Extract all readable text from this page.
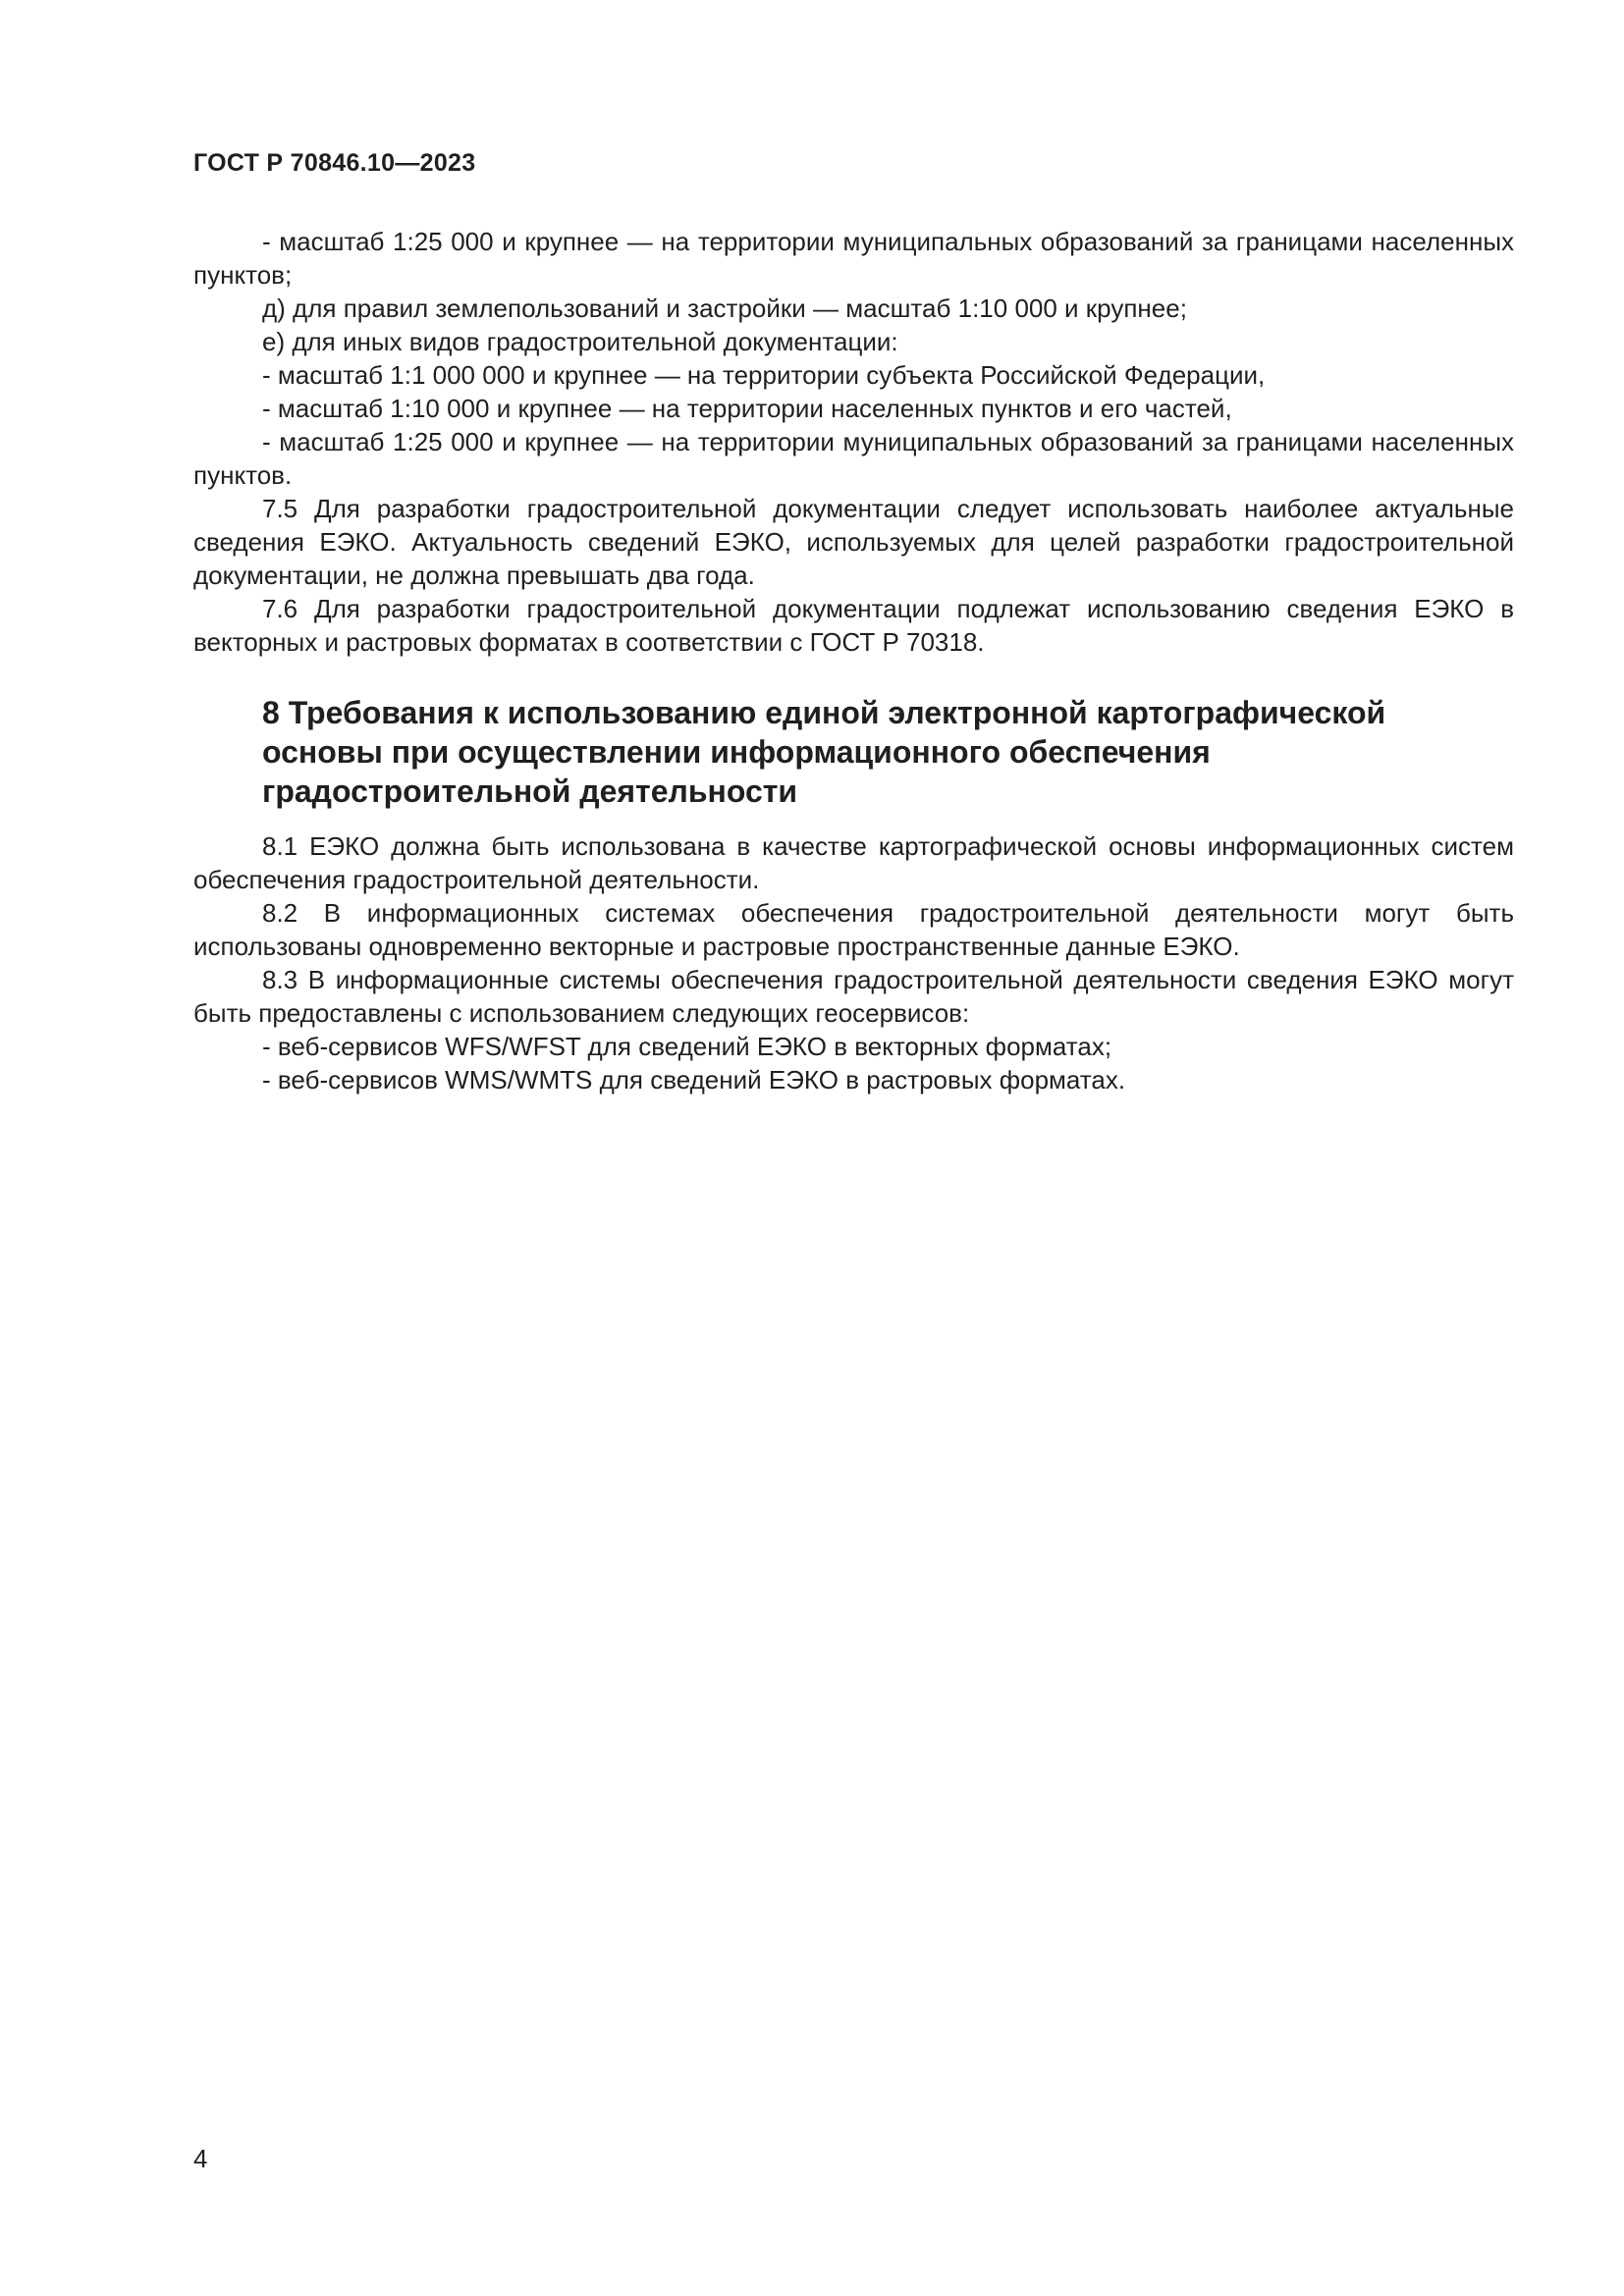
ГОСТ Р 70846.10—2023

- масштаб 1:25 000 и крупнее — на территории муниципальных образований за границами населенных пунктов;

д) для правил землепользований и застройки — масштаб 1:10 000 и крупнее;

е) для иных видов градостроительной документации:

- масштаб 1:1 000 000 и крупнее — на территории субъекта Российской Федерации,

- масштаб 1:10 000 и крупнее — на территории населенных пунктов и его частей,

- масштаб 1:25 000 и крупнее — на территории муниципальных образований за границами населенных пунктов.

7.5 Для разработки градостроительной документации следует использовать наиболее актуальные сведения ЕЭКО. Актуальность сведений ЕЭКО, используемых для целей разработки градостроительной документации, не должна превышать два года.

7.6 Для разработки градостроительной документации подлежат использованию сведения ЕЭКО в векторных и растровых форматах в соответствии с ГОСТ Р 70318.

8 Требования к использованию единой электронной картографической основы при осуществлении информационного обеспечения градостроительной деятельности

8.1 ЕЭКО должна быть использована в качестве картографической основы информационных систем обеспечения градостроительной деятельности.

8.2 В информационных системах обеспечения градостроительной деятельности могут быть использованы одновременно векторные и растровые пространственные данные ЕЭКО.

8.3 В информационные системы обеспечения градостроительной деятельности сведения ЕЭКО могут быть предоставлены с использованием следующих геосервисов:

- веб-сервисов WFS/WFST для сведений ЕЭКО в векторных форматах;

- веб-сервисов WMS/WMTS для сведений ЕЭКО в растровых форматах.

4
